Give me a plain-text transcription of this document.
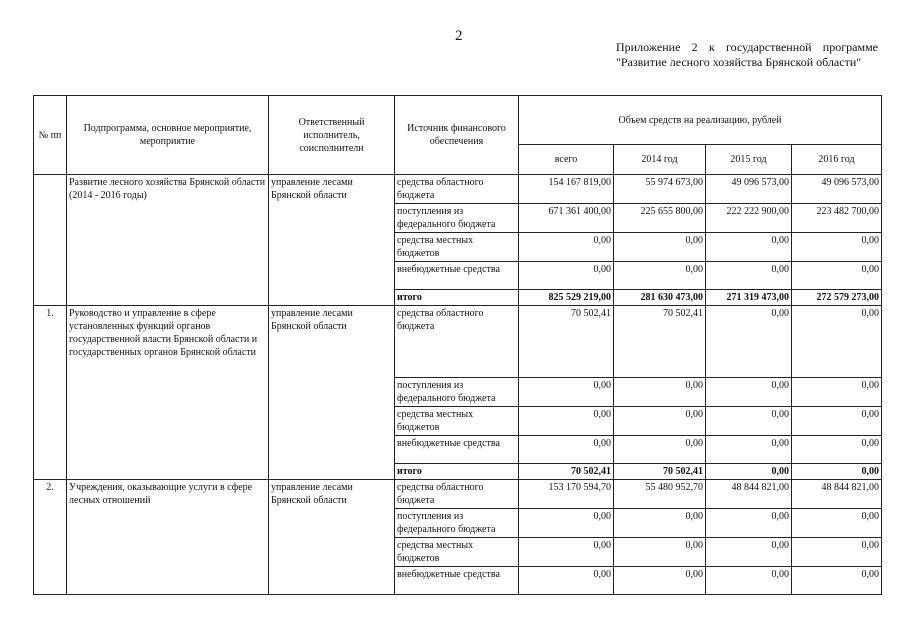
2
Приложение 2 к государственной программе "Развитие лесного хозяйства Брянской области"
№ пп	Подпрограмма, основное мероприятие, мероприятие	Ответственный исполнитель, соисполнители	Источник финансового обеспечения	Объем средств на реализацию, рублей			
				всего	2014 год	2015 год	2016 год
	Развитие лесного хозяйства Брянской области (2014 - 2016 годы)	управление лесами Брянской области	средства областного бюджета	154 167 819,00	55 974 673,00	49 096 573,00	49 096 573,00
			поступления из федерального бюджета	671 361 400,00	225 655 800,00	222 222 900,00	223 482 700,00
			средства местных бюджетов	0,00	0,00	0,00	0,00
			внебюджетные средства	0,00	0,00	0,00	0,00
			итого	825 529 219,00	281 630 473,00	271 319 473,00	272 579 273,00
1.	Руководство и управление в сфере установленных функций органов государственной власти Брянской области и государственных органов Брянской области	управление лесами Брянской области	средства областного бюджета	70 502,41	70 502,41	0,00	0,00
			поступления из федерального бюджета	0,00	0,00	0,00	0,00
			средства местных бюджетов	0,00	0,00	0,00	0,00
			внебюджетные средства	0,00	0,00	0,00	0,00
			итого	70 502,41	70 502,41	0,00	0,00
2.	Учреждения, оказывающие услуги в сфере лесных отношений	управление лесами Брянской области	средства областного бюджета	153 170 594,70	55 480 952,70	48 844 821,00	48 844 821,00
			поступления из федерального бюджета	0,00	0,00	0,00	0,00
			средства местных бюджетов	0,00	0,00	0,00	0,00
			внебюджетные средства	0,00	0,00	0,00	0,00
